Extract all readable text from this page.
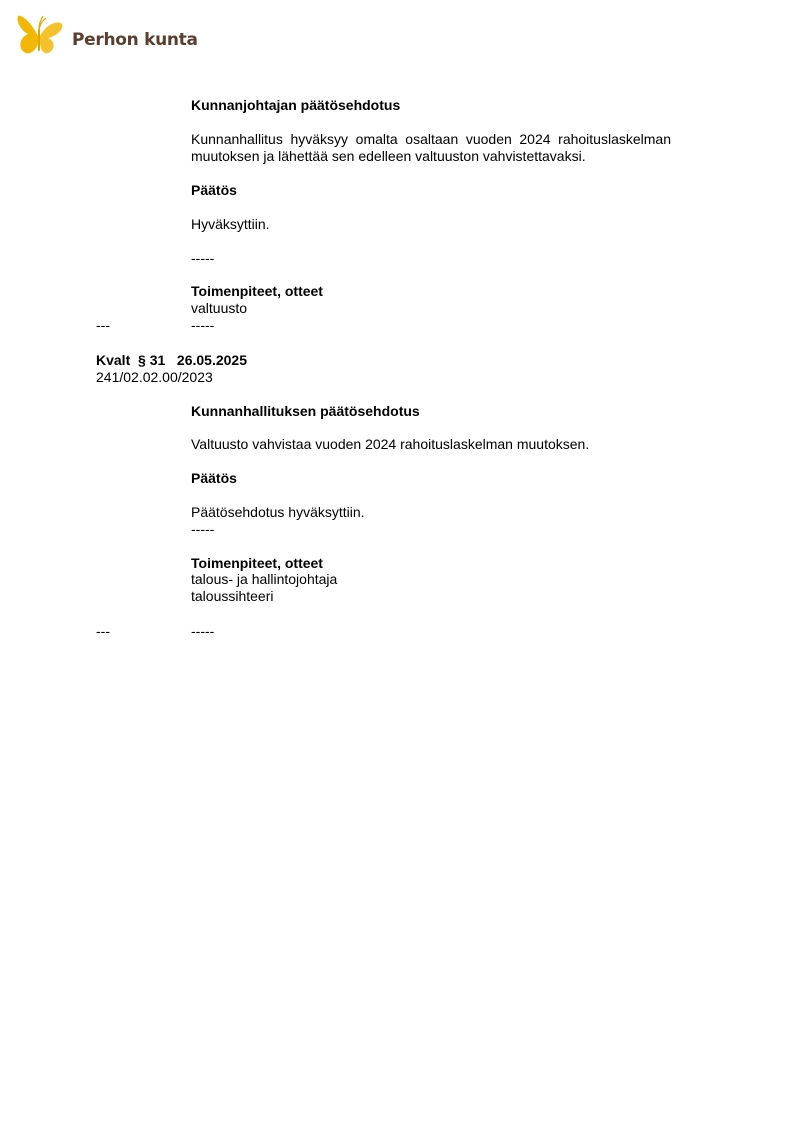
Perhon kunta
Kunnanjohtajan päätösehdotus
Kunnanhallitus hyväksyy omalta osaltaan vuoden 2024 rahoituslaskelman
muutoksen ja lähettää sen edelleen valtuuston vahvistettavaksi.
Päätös
Hyväksyttiin.
-----
Toimenpiteet, otteet
valtuusto
---	-----
Kvalt  § 31   26.05.2025
241/02.02.00/2023
Kunnanhallituksen päätösehdotus
Valtuusto vahvistaa vuoden 2024 rahoituslaskelman muutoksen.
Päätös
Päätösehdotus hyväksyttiin.
-----
Toimenpiteet, otteet
talous- ja hallintojohtaja
taloussihteeri
---	-----
